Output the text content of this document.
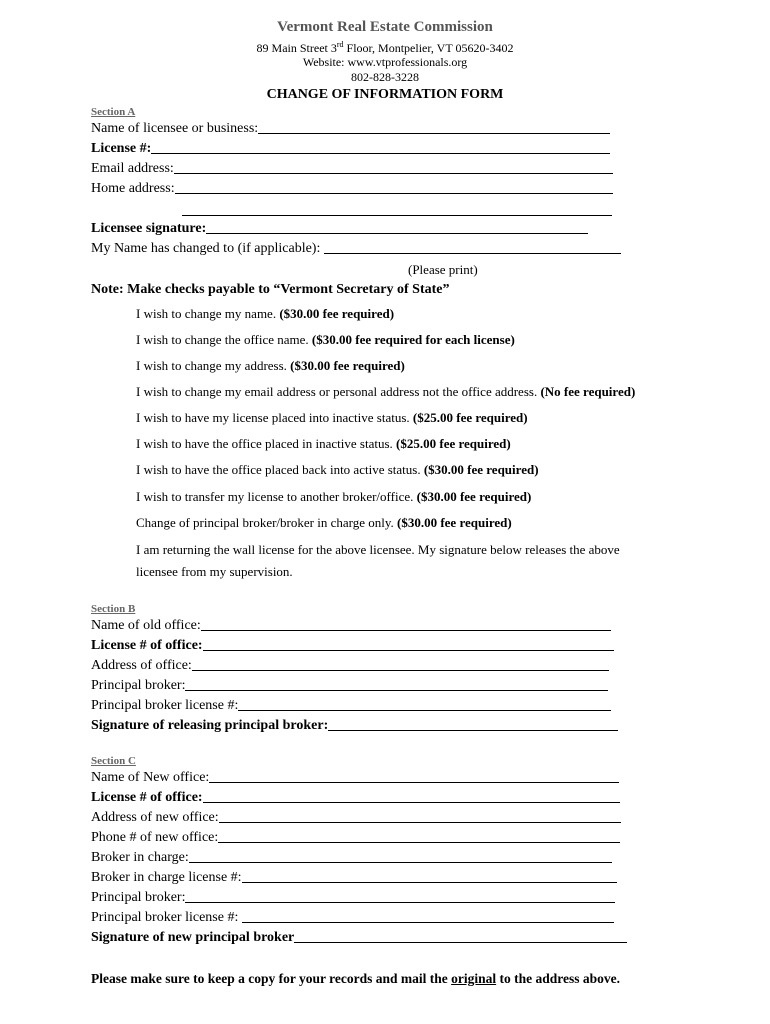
Vermont Real Estate Commission
89 Main Street 3rd Floor, Montpelier, VT 05620-3402
Website: www.vtprofessionals.org
802-828-3228
CHANGE OF INFORMATION FORM
Section A
Name of licensee or business:
License #:
Email address:
Home address:
Licensee signature:
My Name has changed to (if applicable):
(Please print)
Note: Make checks payable to “Vermont Secretary of State”
I wish to change my name. ($30.00 fee required)
I wish to change the office name. ($30.00 fee required for each license)
I wish to change my address. ($30.00 fee required)
I wish to change my email address or personal address not the office address. (No fee required)
I wish to have my license placed into inactive status. ($25.00 fee required)
I wish to have the office placed in inactive status. ($25.00 fee required)
I wish to have the office placed back into active status. ($30.00 fee required)
I wish to transfer my license to another broker/office. ($30.00 fee required)
Change of principal broker/broker in charge only. ($30.00 fee required)
I am returning the wall license for the above licensee. My signature below releases the above
licensee from my supervision.
Section B
Name of old office:
License # of office:
Address of office:
Principal broker:
Principal broker license #:
Signature of releasing principal broker:
Section C
Name of New office:
License # of office:
Address of new office:
Phone # of new office:
Broker in charge:
Broker in charge license #:
Principal broker:
Principal broker license #:
Signature of new principal broker
Please make sure to keep a copy for your records and mail the original to the address above.
